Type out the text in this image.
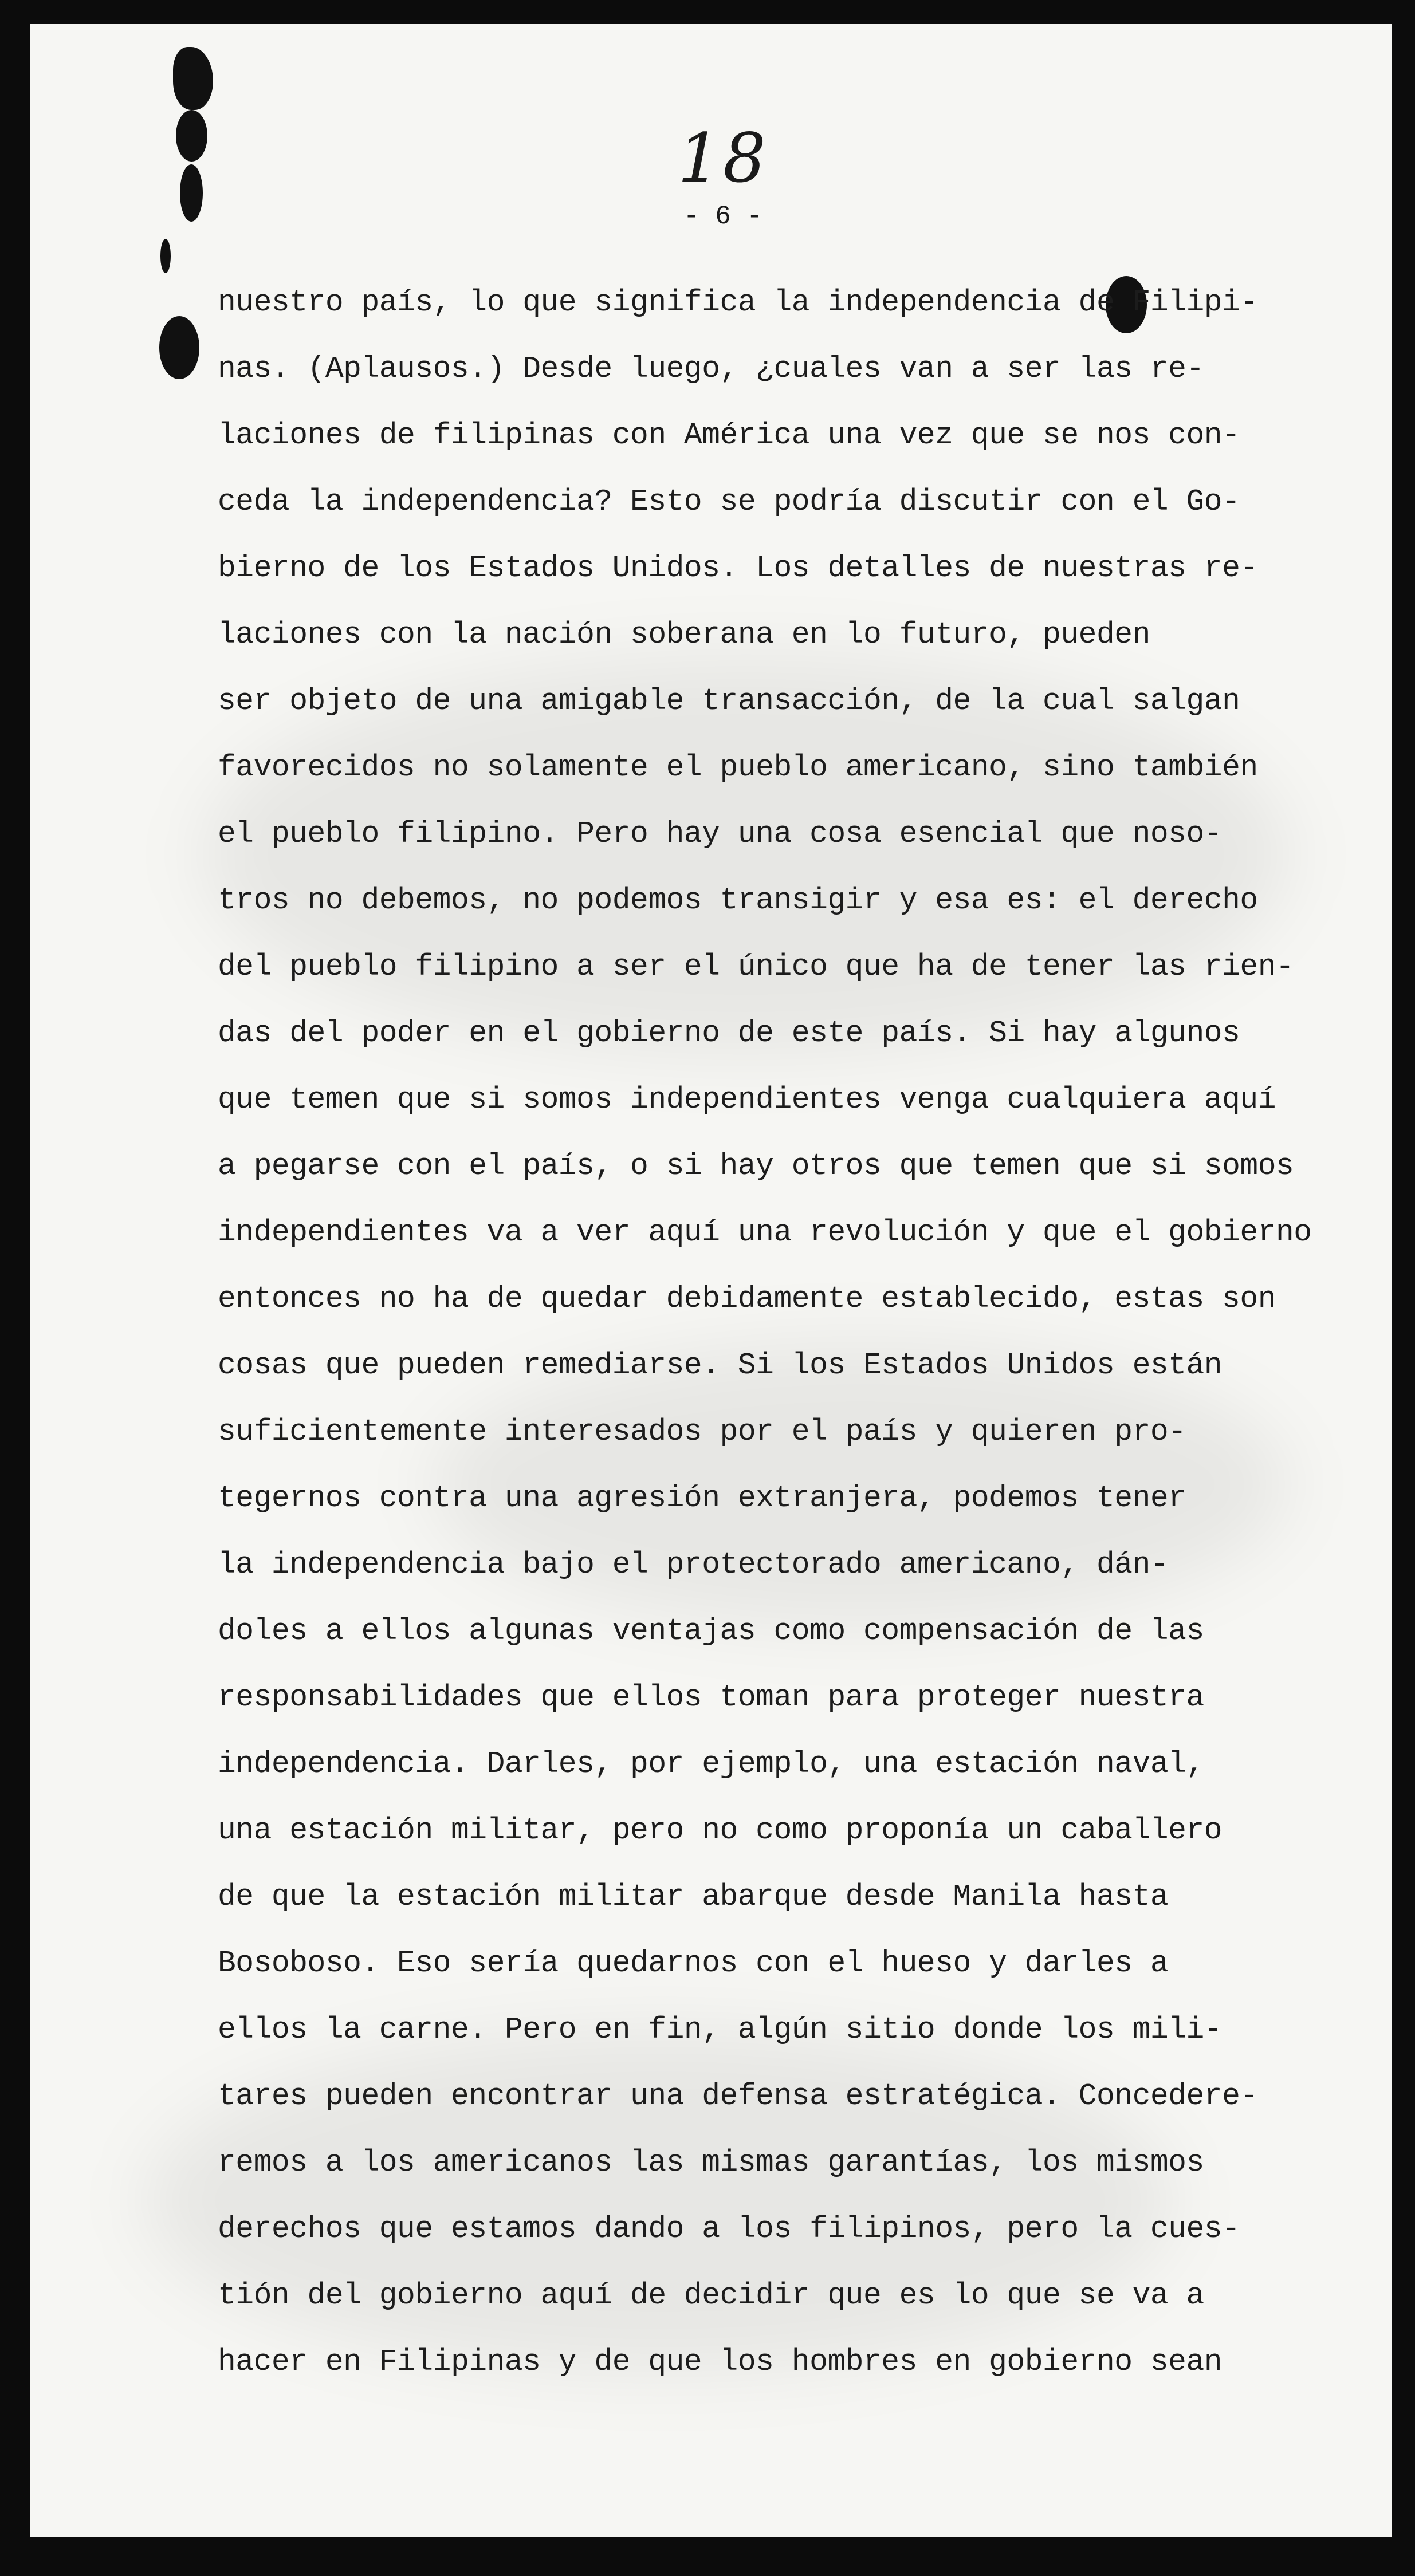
18
- 6 -
nuestro país, lo que significa la independencia de Filipi-
nas. (Aplausos.) Desde luego, ¿cuales van a ser las re-
laciones de filipinas con América una vez que se nos con-
ceda la independencia? Esto se podría discutir con el Go-
bierno de los Estados Unidos. Los detalles de nuestras re-
laciones con la nación soberana en lo futuro, pueden
ser objeto de una amigable transacción, de la cual salgan
favorecidos no solamente el pueblo americano, sino también
el pueblo filipino. Pero hay una cosa esencial que noso-
tros no debemos, no podemos transigir y esa es: el derecho
del pueblo filipino a ser el único que ha de tener las rien-
das del poder en el gobierno de este país. Si hay algunos
que temen que si somos independientes venga cualquiera aquí
a pegarse con el país, o si hay otros que temen que si somos
independientes va a ver aquí una revolución y que el gobierno
entonces no ha de quedar debidamente establecido, estas son
cosas que pueden remediarse. Si los Estados Unidos están
suficientemente interesados por el país y quieren pro-
tegernos contra una agresión extranjera, podemos tener
la independencia bajo el protectorado americano, dán-
doles a ellos algunas ventajas como compensación de las
responsabilidades que ellos toman para proteger nuestra
independencia. Darles, por ejemplo, una estación naval,
una estación militar, pero no como proponía un caballero
de que la estación militar abarque desde Manila hasta
Bosoboso. Eso sería quedarnos con el hueso y darles a
ellos la carne. Pero en fin, algún sitio donde los mili-
tares pueden encontrar una defensa estratégica. Concedere-
remos a los americanos las mismas garantías, los mismos
derechos que estamos dando a los filipinos, pero la cues-
tión del gobierno aquí de decidir que es lo que se va a
hacer en Filipinas y de que los hombres en gobierno sean
